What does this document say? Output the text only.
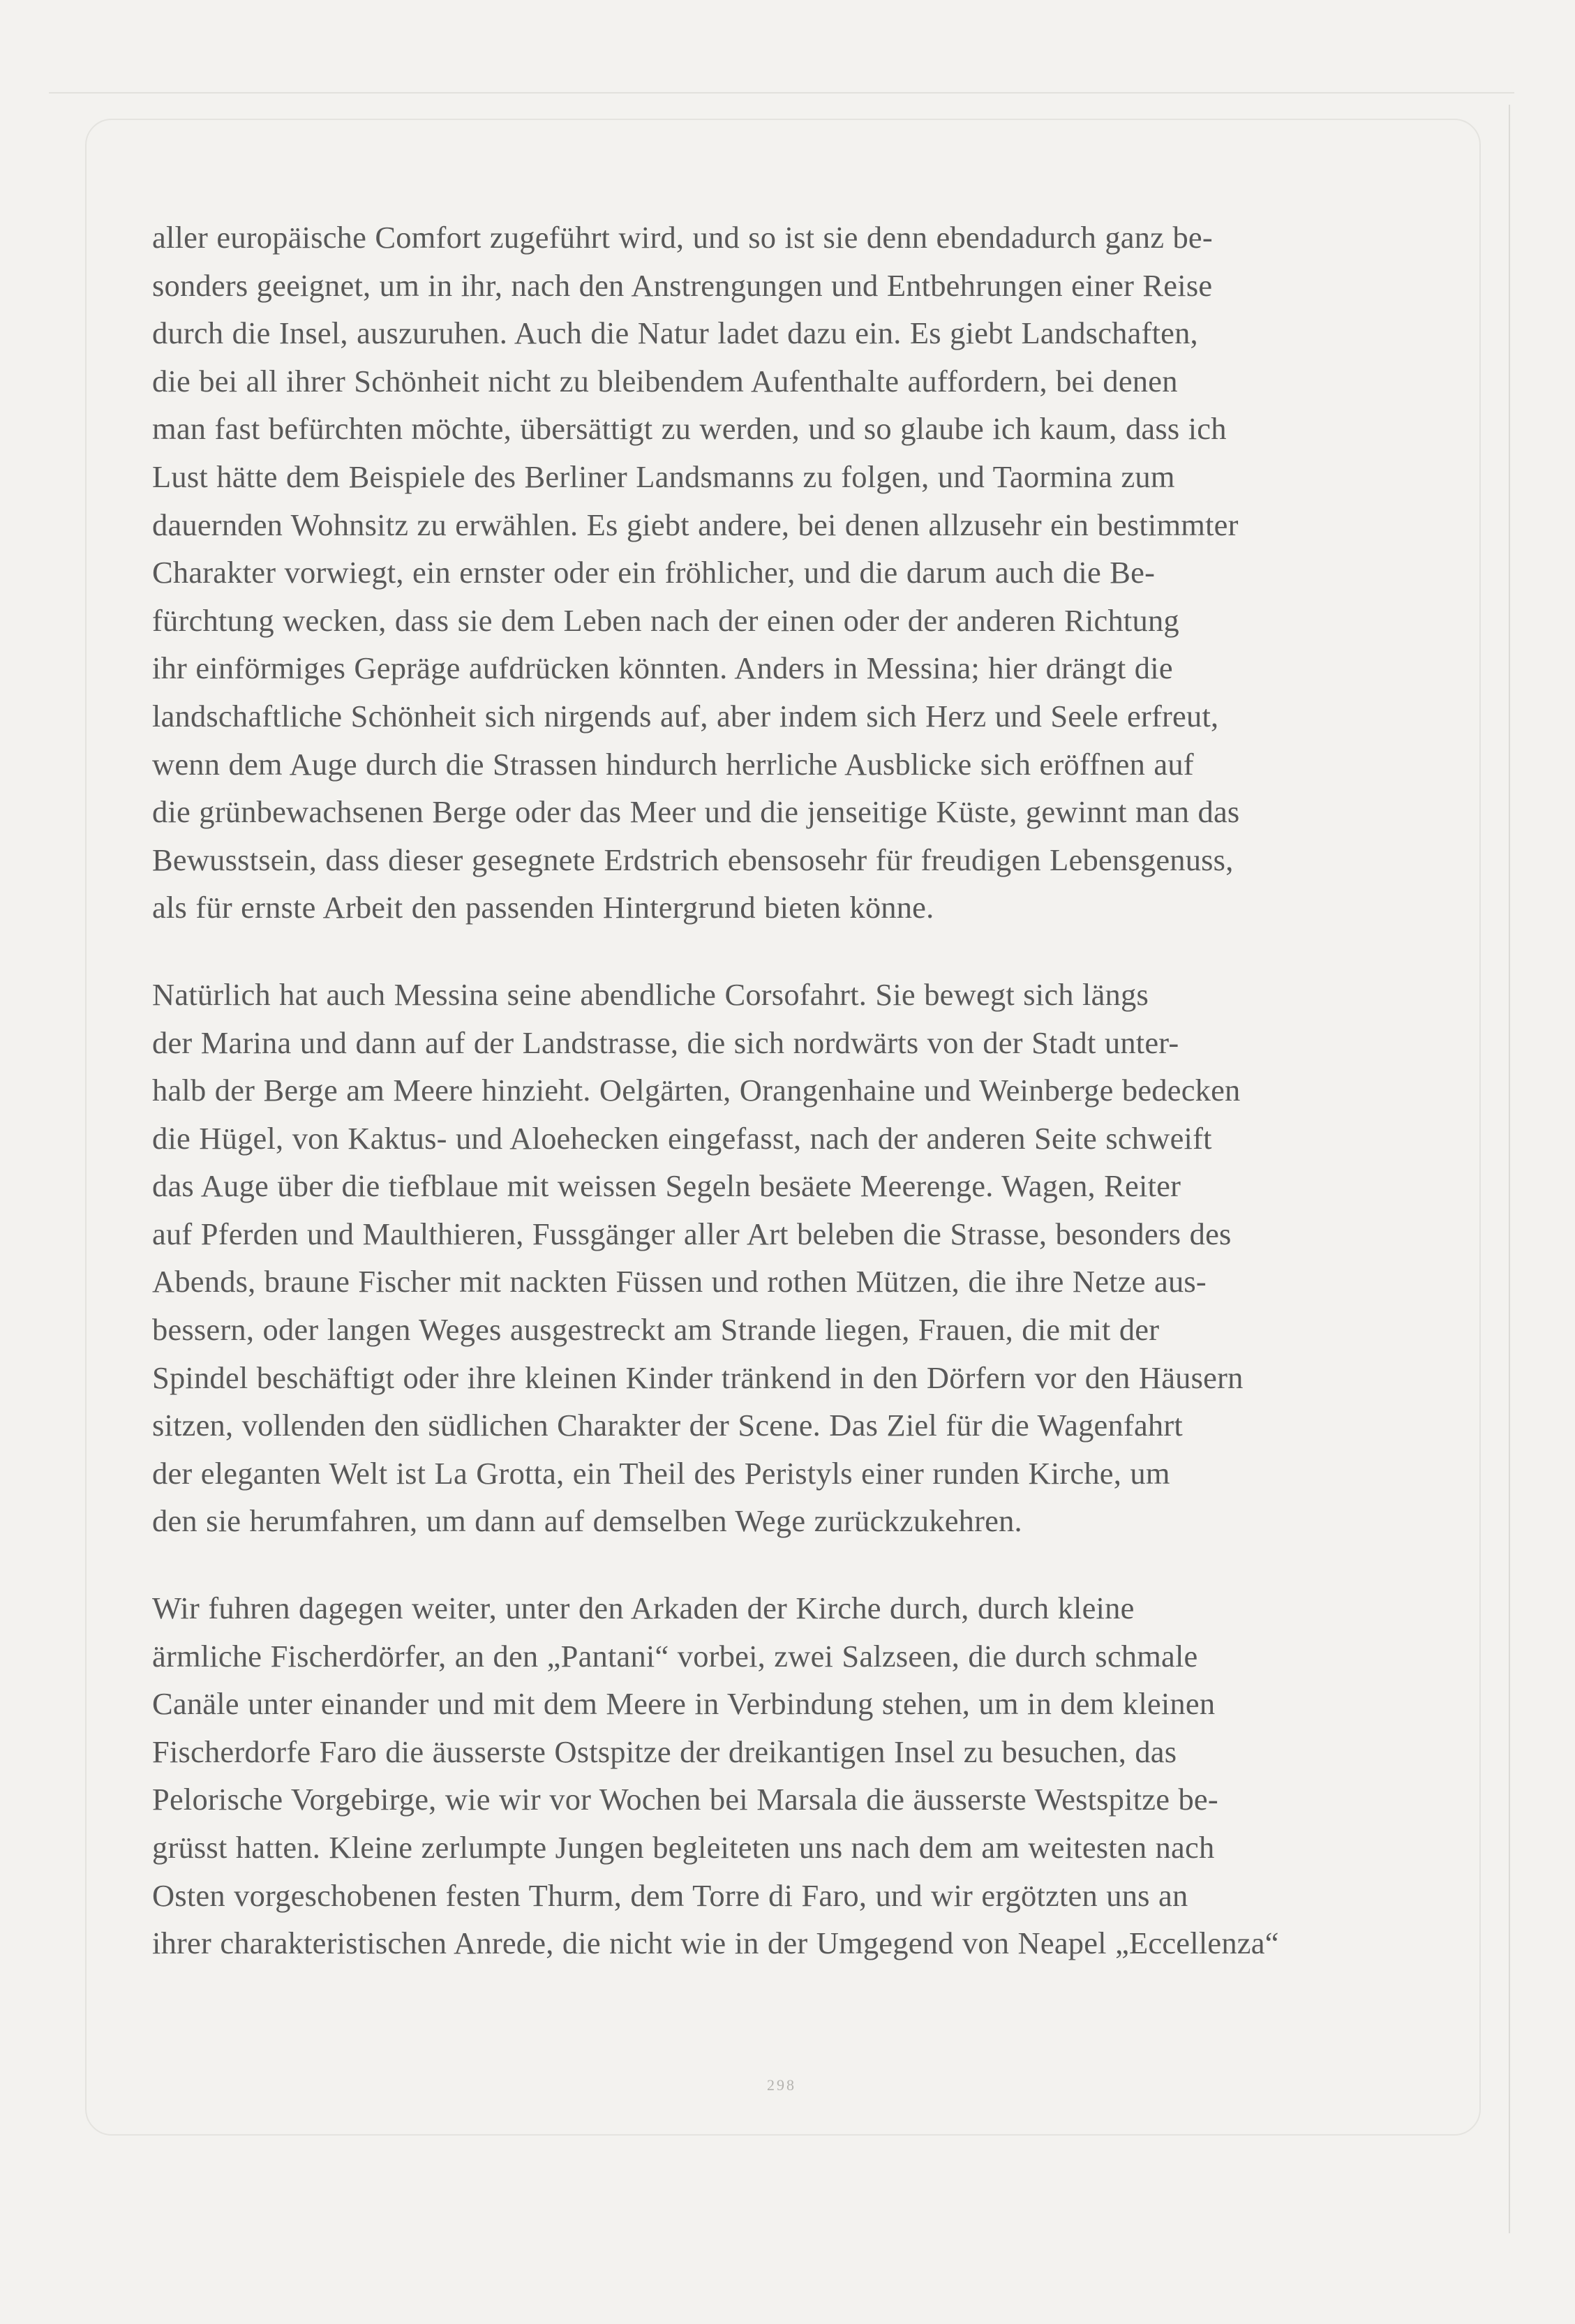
aller europäische Comfort zugeführt wird, und so ist sie denn ebendadurch ganz be-
sonders geeignet, um in ihr, nach den Anstrengungen und Entbehrungen einer Reise
durch die Insel, auszuruhen. Auch die Natur ladet dazu ein. Es giebt Landschaften,
die bei all ihrer Schönheit nicht zu bleibendem Aufenthalte auffordern, bei denen
man fast befürchten möchte, übersättigt zu werden, und so glaube ich kaum, dass ich
Lust hätte dem Beispiele des Berliner Landsmanns zu folgen, und Taormina zum
dauernden Wohnsitz zu erwählen. Es giebt andere, bei denen allzusehr ein bestimmter
Charakter vorwiegt, ein ernster oder ein fröhlicher, und die darum auch die Be-
fürchtung wecken, dass sie dem Leben nach der einen oder der anderen Richtung
ihr einförmiges Gepräge aufdrücken könnten. Anders in Messina; hier drängt die
landschaftliche Schönheit sich nirgends auf, aber indem sich Herz und Seele erfreut,
wenn dem Auge durch die Strassen hindurch herrliche Ausblicke sich eröffnen auf
die grünbewachsenen Berge oder das Meer und die jenseitige Küste, gewinnt man das
Bewusstsein, dass dieser gesegnete Erdstrich ebensosehr für freudigen Lebensgenuss,
als für ernste Arbeit den passenden Hintergrund bieten könne.

Natürlich hat auch Messina seine abendliche Corsofahrt. Sie bewegt sich längs
der Marina und dann auf der Landstrasse, die sich nordwärts von der Stadt unter-
halb der Berge am Meere hinzieht. Oelgärten, Orangenhaine und Weinberge bedecken
die Hügel, von Kaktus- und Aloehecken eingefasst, nach der anderen Seite schweift
das Auge über die tiefblaue mit weissen Segeln besäete Meerenge. Wagen, Reiter
auf Pferden und Maulthieren, Fussgänger aller Art beleben die Strasse, besonders des
Abends, braune Fischer mit nackten Füssen und rothen Mützen, die ihre Netze aus-
bessern, oder langen Weges ausgestreckt am Strande liegen, Frauen, die mit der
Spindel beschäftigt oder ihre kleinen Kinder tränkend in den Dörfern vor den Häusern
sitzen, vollenden den südlichen Charakter der Scene. Das Ziel für die Wagenfahrt
der eleganten Welt ist La Grotta, ein Theil des Peristyls einer runden Kirche, um
den sie herumfahren, um dann auf demselben Wege zurückzukehren.

Wir fuhren dagegen weiter, unter den Arkaden der Kirche durch, durch kleine
ärmliche Fischerdörfer, an den „Pantani“ vorbei, zwei Salzseen, die durch schmale
Canäle unter einander und mit dem Meere in Verbindung stehen, um in dem kleinen
Fischerdorfe Faro die äusserste Ostspitze der dreikantigen Insel zu besuchen, das
Pelorische Vorgebirge, wie wir vor Wochen bei Marsala die äusserste Westspitze be-
grüsst hatten. Kleine zerlumpte Jungen begleiteten uns nach dem am weitesten nach
Osten vorgeschobenen festen Thurm, dem Torre di Faro, und wir ergötzten uns an
ihrer charakteristischen Anrede, die nicht wie in der Umgegend von Neapel „Eccellenza“

298
